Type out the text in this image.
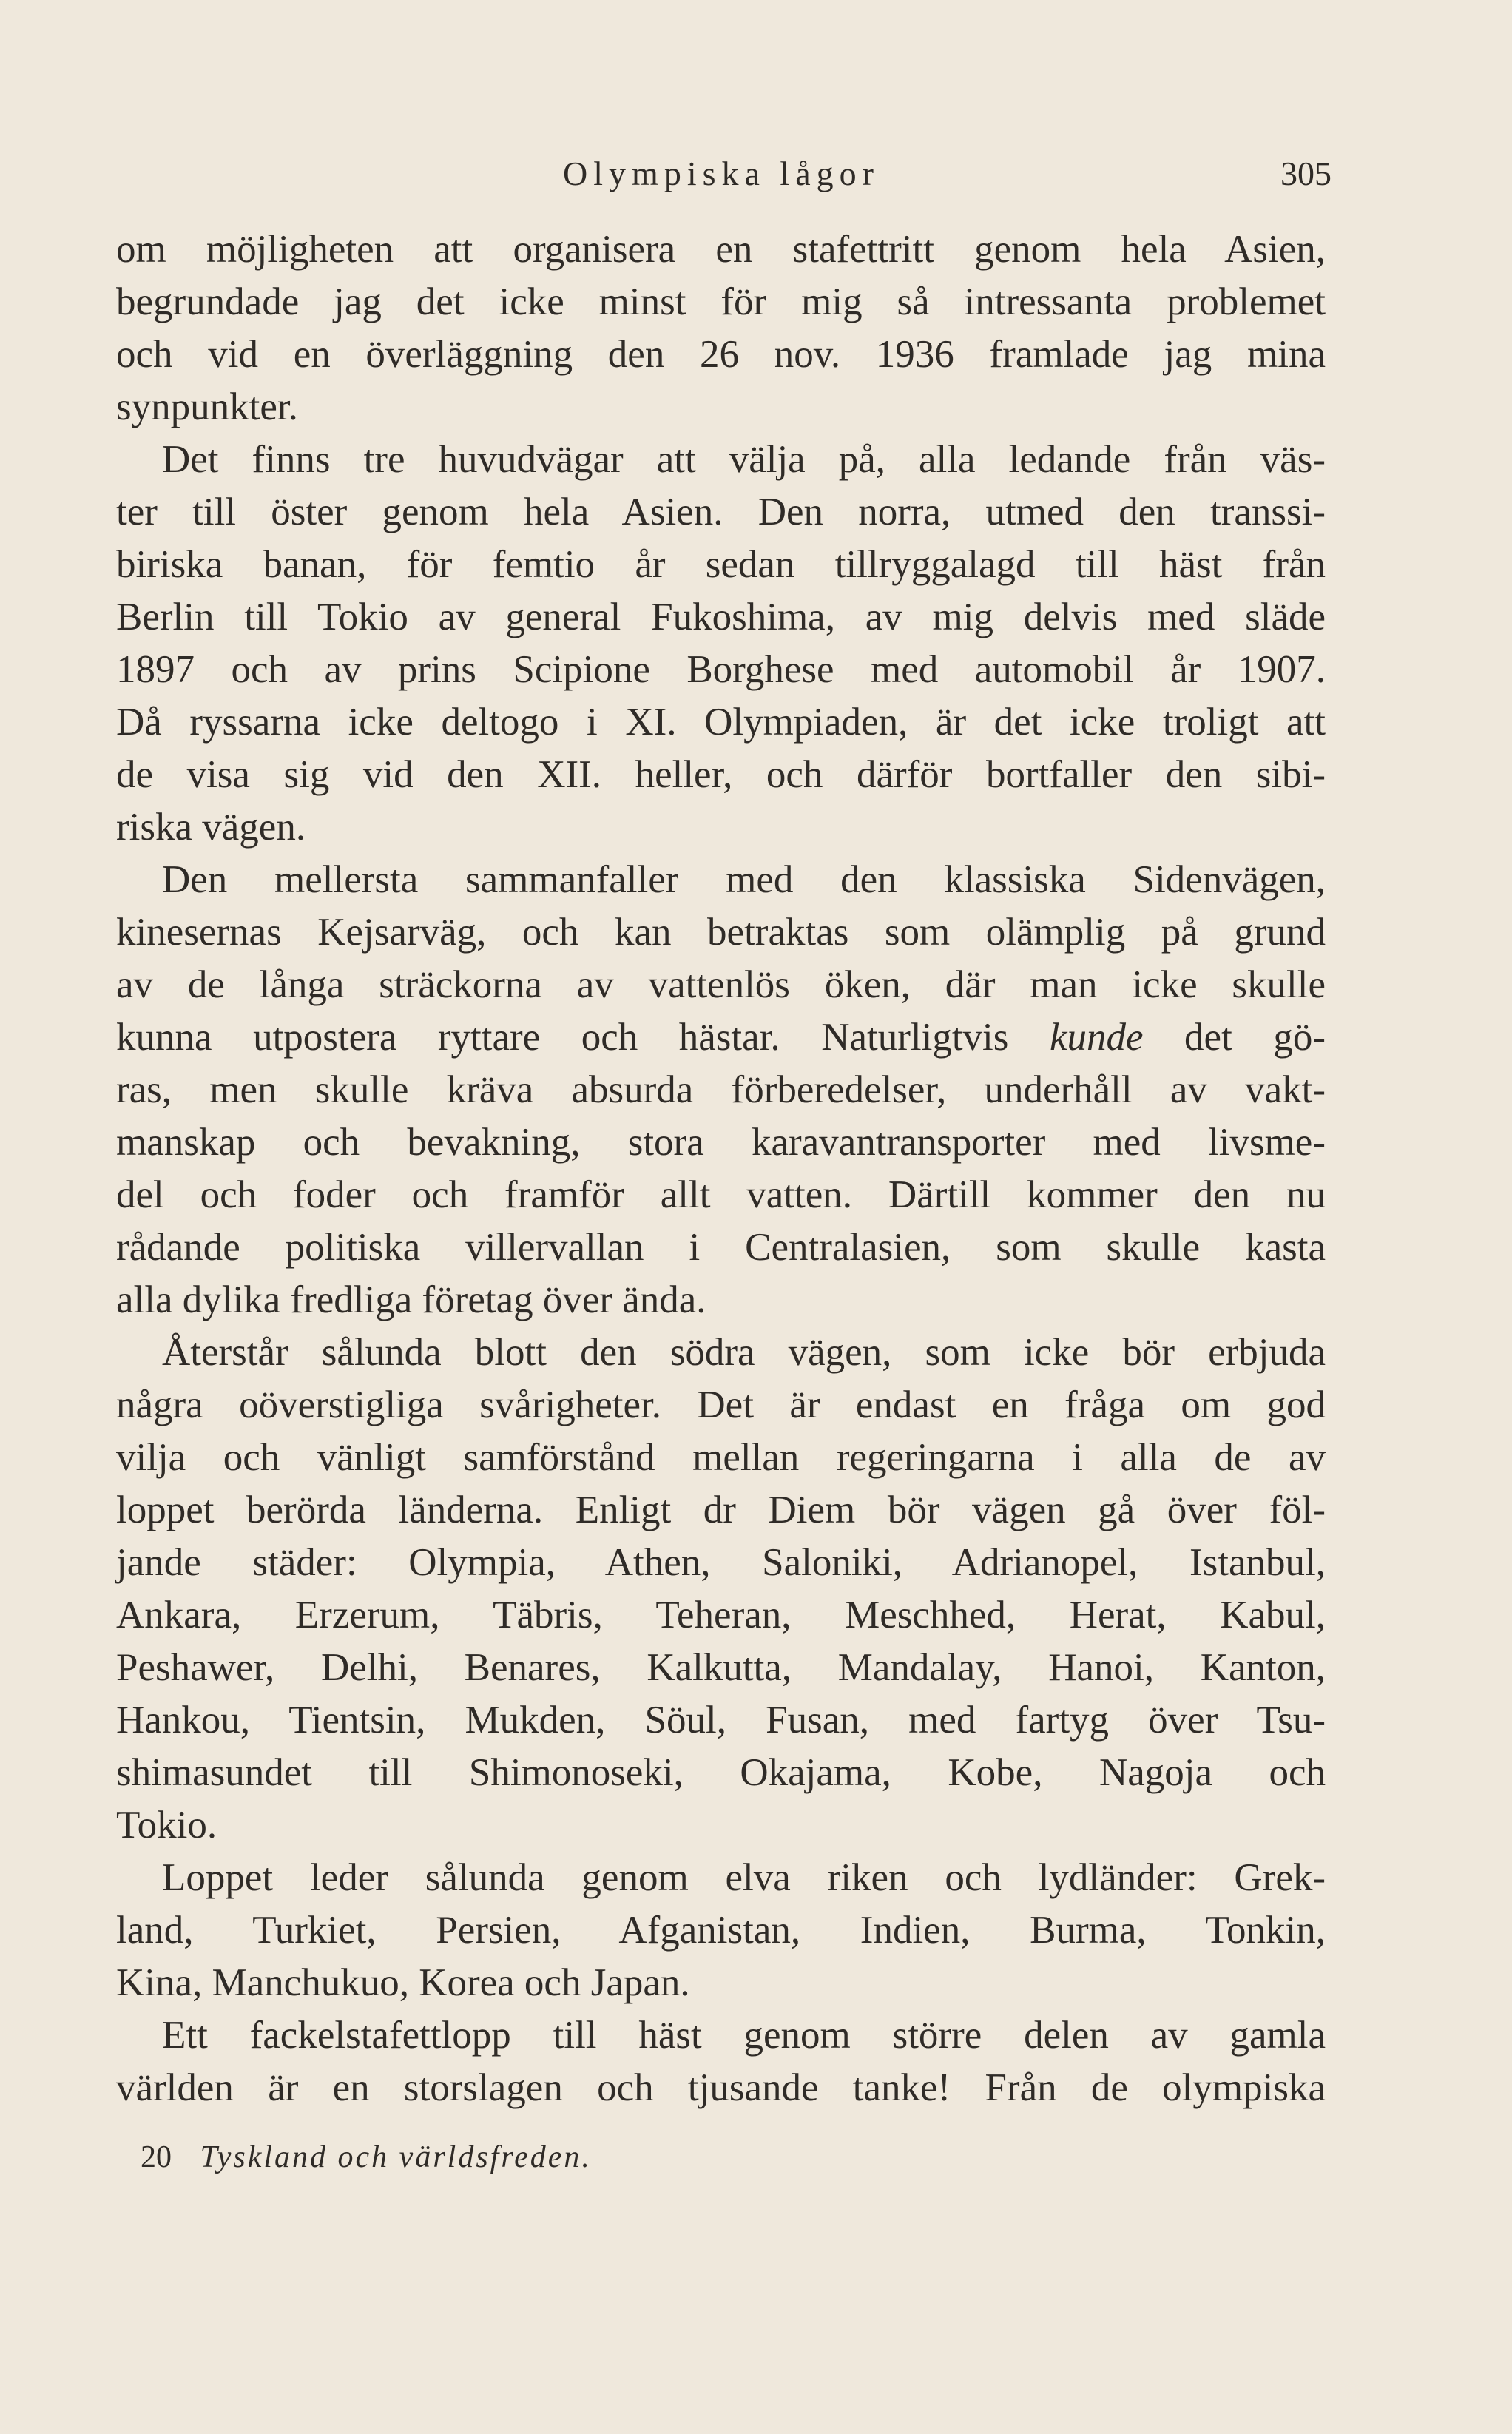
Olympiska lågor	305
om möjligheten att organisera en stafettritt genom hela Asien,
begrundade jag det icke minst för mig så intressanta problemet
och vid en överläggning den 26 nov. 1936 framlade jag mina
synpunkter.
Det finns tre huvudvägar att välja på, alla ledande från väs-
ter till öster genom hela Asien. Den norra, utmed den transsi-
biriska banan, för femtio år sedan tillryggalagd till häst från
Berlin till Tokio av general Fukoshima, av mig delvis med släde
1897 och av prins Scipione Borghese med automobil år 1907.
Då ryssarna icke deltogo i XI. Olympiaden, är det icke troligt att
de visa sig vid den XII. heller, och därför bortfaller den sibi-
riska vägen.
Den mellersta sammanfaller med den klassiska Sidenvägen,
kinesernas Kejsarväg, och kan betraktas som olämplig på grund
av de långa sträckorna av vattenlös öken, där man icke skulle
kunna utpostera ryttare och hästar. Naturligtvis kunde det gö-
ras, men skulle kräva absurda förberedelser, underhåll av vakt-
manskap och bevakning, stora karavantransporter med livsme-
del och foder och framför allt vatten. Därtill kommer den nu
rådande politiska villervallan i Centralasien, som skulle kasta
alla dylika fredliga företag över ända.
Återstår sålunda blott den södra vägen, som icke bör erbjuda
några oöverstigliga svårigheter. Det är endast en fråga om god
vilja och vänligt samförstånd mellan regeringarna i alla de av
loppet berörda länderna. Enligt dr Diem bör vägen gå över föl-
jande städer: Olympia, Athen, Saloniki, Adrianopel, Istanbul,
Ankara, Erzerum, Täbris, Teheran, Meschhed, Herat, Kabul,
Peshawer, Delhi, Benares, Kalkutta, Mandalay, Hanoi, Kanton,
Hankou, Tientsin, Mukden, Söul, Fusan, med fartyg över Tsu-
shimasundet till Shimonoseki, Okajama, Kobe, Nagoja och
Tokio.
Loppet leder sålunda genom elva riken och lydländer: Grek-
land, Turkiet, Persien, Afganistan, Indien, Burma, Tonkin,
Kina, Manchukuo, Korea och Japan.
Ett fackelstafettlopp till häst genom större delen av gamla
världen är en storslagen och tjusande tanke! Från de olympiska
20 Tyskland och världsfreden.
